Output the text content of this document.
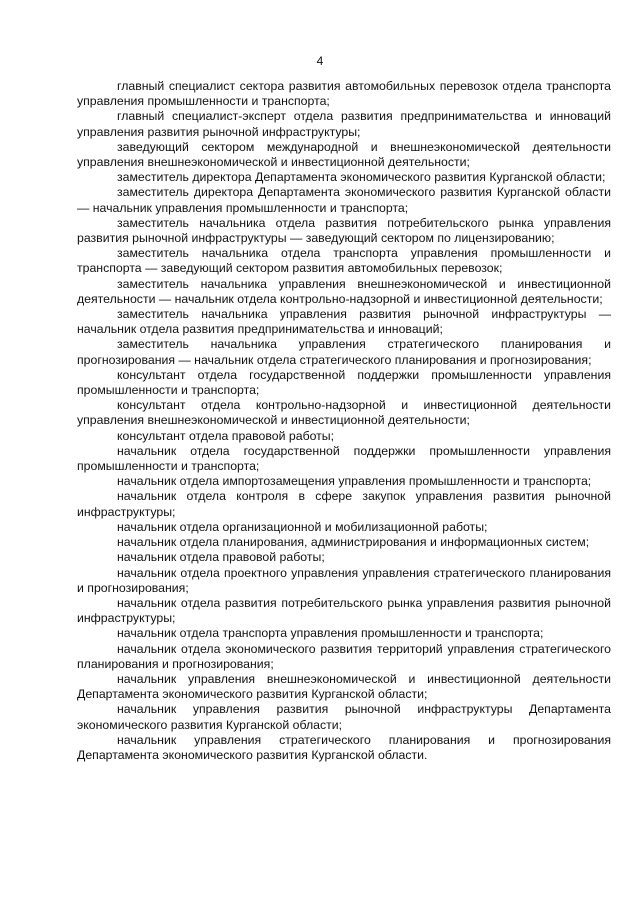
4

главный специалист сектора развития автомобильных перевозок отдела транспорта управления промышленности и транспорта;

главный специалист-эксперт отдела развития предпринимательства и инноваций управления развития рыночной инфраструктуры;

заведующий сектором международной и внешнеэкономической деятельности управления внешнеэкономической и инвестиционной деятельности;

заместитель директора Департамента экономического развития Курганской области;

заместитель директора Департамента экономического развития Курганской области — начальник управления промышленности и транспорта;

заместитель начальника отдела развития потребительского рынка управления развития рыночной инфраструктуры — заведующий сектором по лицензированию;

заместитель начальника отдела транспорта управления промышленности и транспорта — заведующий сектором развития автомобильных перевозок;

заместитель начальника управления внешнеэкономической и инвестиционной деятельности — начальник отдела контрольно-надзорной и инвестиционной деятельности;

заместитель начальника управления развития рыночной инфраструктуры — начальник отдела развития предпринимательства и инноваций;

заместитель начальника управления стратегического планирования и прогнозирования — начальник отдела стратегического планирования и прогнозирования;

консультант отдела государственной поддержки промышленности управления промышленности и транспорта;

консультант отдела контрольно-надзорной и инвестиционной деятельности управления внешнеэкономической и инвестиционной деятельности;

консультант отдела правовой работы;

начальник отдела государственной поддержки промышленности управления промышленности и транспорта;

начальник отдела импортозамещения управления промышленности и транспорта;

начальник отдела контроля в сфере закупок управления развития рыночной инфраструктуры;

начальник отдела организационной и мобилизационной работы;

начальник отдела планирования, администрирования и информационных систем;

начальник отдела правовой работы;

начальник отдела проектного управления управления стратегического планирования и прогнозирования;

начальник отдела развития потребительского рынка управления развития рыночной инфраструктуры;

начальник отдела транспорта управления промышленности и транспорта;

начальник отдела экономического развития территорий управления стратегического планирования и прогнозирования;

начальник управления внешнеэкономической и инвестиционной деятельности Департамента экономического развития Курганской области;

начальник управления развития рыночной инфраструктуры Департамента экономического развития Курганской области;

начальник управления стратегического планирования и прогнозирования Департамента экономического развития Курганской области.
